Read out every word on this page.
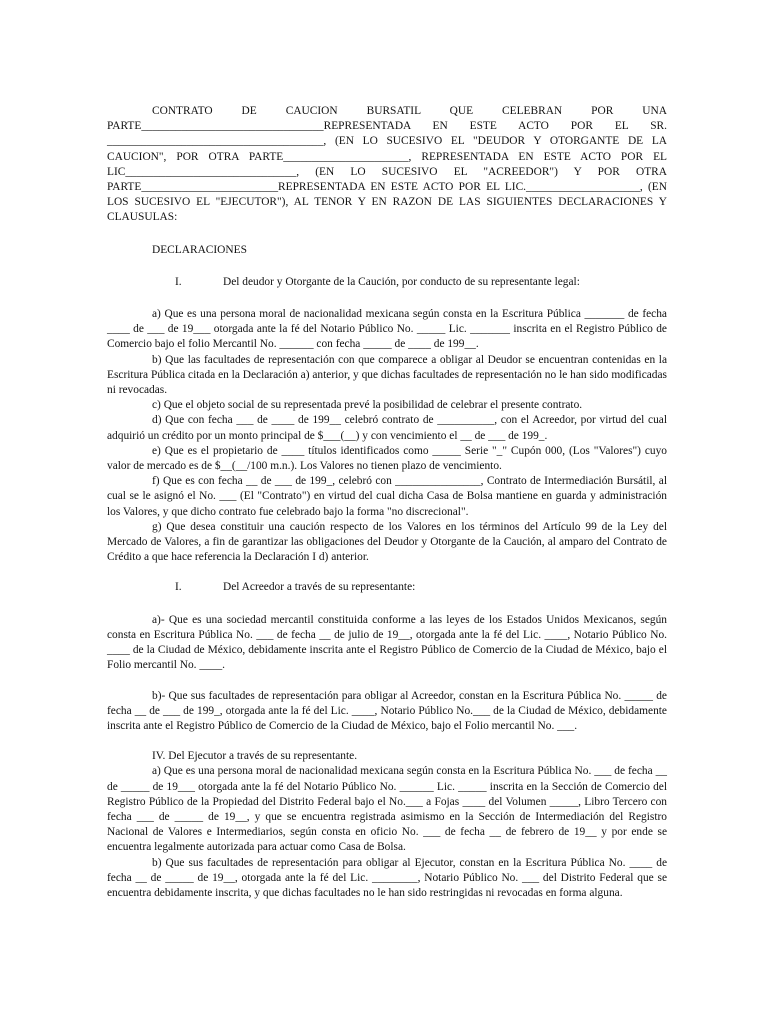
CONTRATO DE CAUCION BURSATIL QUE CELEBRAN POR UNA PARTE________________________________REPRESENTADA EN ESTE ACTO POR EL SR. ______________________________________, (EN LO SUCESIVO EL "DEUDOR Y OTORGANTE DE LA CAUCION", POR OTRA PARTE______________________, REPRESENTADA EN ESTE ACTO POR EL LIC______________________________, (EN LO SUCESIVO EL "ACREEDOR") Y POR OTRA PARTE________________________REPRESENTADA EN ESTE ACTO POR EL LIC.____________________, (EN LOS SUCESIVO EL "EJECUTOR"), AL TENOR Y EN RAZON DE LAS SIGUIENTES DECLARACIONES Y CLAUSULAS:

DECLARACIONES
I.	Del deudor y Otorgante de la Caución, por conducto de su representante legal:

a) Que es una persona moral de nacionalidad mexicana según consta en la Escritura Pública _______ de fecha ____ de ___ de 19___ otorgada ante la fé del Notario Público No. _____ Lic. _______ inscrita en el Registro Público de Comercio bajo el folio Mercantil No. ______ con fecha _____ de ____ de 199__.

b) Que las facultades de representación con que comparece a obligar al Deudor se encuentran contenidas en la Escritura Pública citada en la Declaración a) anterior, y que dichas facultades de representación no le han sido modificadas ni revocadas.

c) Que el objeto social de su representada prevé la posibilidad de celebrar el presente contrato.

d) Que con fecha ___ de ____ de 199__ celebró contrato de __________, con el Acreedor, por virtud del cual adquirió un crédito por un monto principal de $___(__) y con vencimiento el __ de ___ de 199_.

e) Que es el propietario de ____ títulos identificados como _____ Serie "_" Cupón 000, (Los "Valores") cuyo valor de mercado es de $__(__/100 m.n.). Los Valores no tienen plazo de vencimiento.

f) Que es con fecha __ de ___ de 199_, celebró con _______________, Contrato de Intermediación Bursátil, al cual se le asignó el No. ___ (El "Contrato") en virtud del cual dicha Casa de Bolsa mantiene en guarda y administración los Valores, y que dicho contrato fue celebrado bajo la forma "no discrecional".

g) Que desea constituir una caución respecto de los Valores en los términos del Artículo 99 de la Ley del Mercado de Valores, a fin de garantizar las obligaciones del Deudor y Otorgante de la Caución, al amparo del Contrato de Crédito a que hace referencia la Declaración I d) anterior.

I.	Del Acreedor a través de su representante:

a)- Que es una sociedad mercantil constituida conforme a las leyes de los Estados Unidos Mexicanos, según consta en Escritura Pública No. ___ de fecha __ de julio de 19__, otorgada ante la fé del Lic. ____, Notario Público No. ____ de la Ciudad de México, debidamente inscrita ante el Registro Público de Comercio de la Ciudad de México, bajo el Folio mercantil No. ____.

b)- Que sus facultades de representación para obligar al Acreedor, constan en la Escritura Pública No. _____ de fecha __ de ___ de 199_, otorgada ante la fé del Lic. ____, Notario Público No.___ de la Ciudad de México, debidamente inscrita ante el Registro Público de Comercio de la Ciudad de México, bajo el Folio mercantil No. ___.

IV. Del Ejecutor a través de su representante.

a) Que es una persona moral de nacionalidad mexicana según consta en la Escritura Pública No. ___ de fecha __ de _____ de 19___ otorgada ante la fé del Notario Público No. ______ Lic. _____ inscrita en la Sección de Comercio del Registro Público de la Propiedad del Distrito Federal bajo el No.___ a Fojas ____ del Volumen _____, Libro Tercero con fecha ___ de _____ de 19__, y que se encuentra registrada asimismo en la Sección de Intermediación del Registro Nacional de Valores e Intermediarios, según consta en oficio No. ___ de fecha __ de febrero de 19__ y por ende se encuentra legalmente autorizada para actuar como Casa de Bolsa.

b) Que sus facultades de representación para obligar al Ejecutor, constan en la Escritura Pública No. ____ de fecha __ de _____ de 19__, otorgada ante la fé del Lic. ________, Notario Público No. ___ del Distrito Federal que se encuentra debidamente inscrita, y que dichas facultades no le han sido restringidas ni revocadas en forma alguna.
